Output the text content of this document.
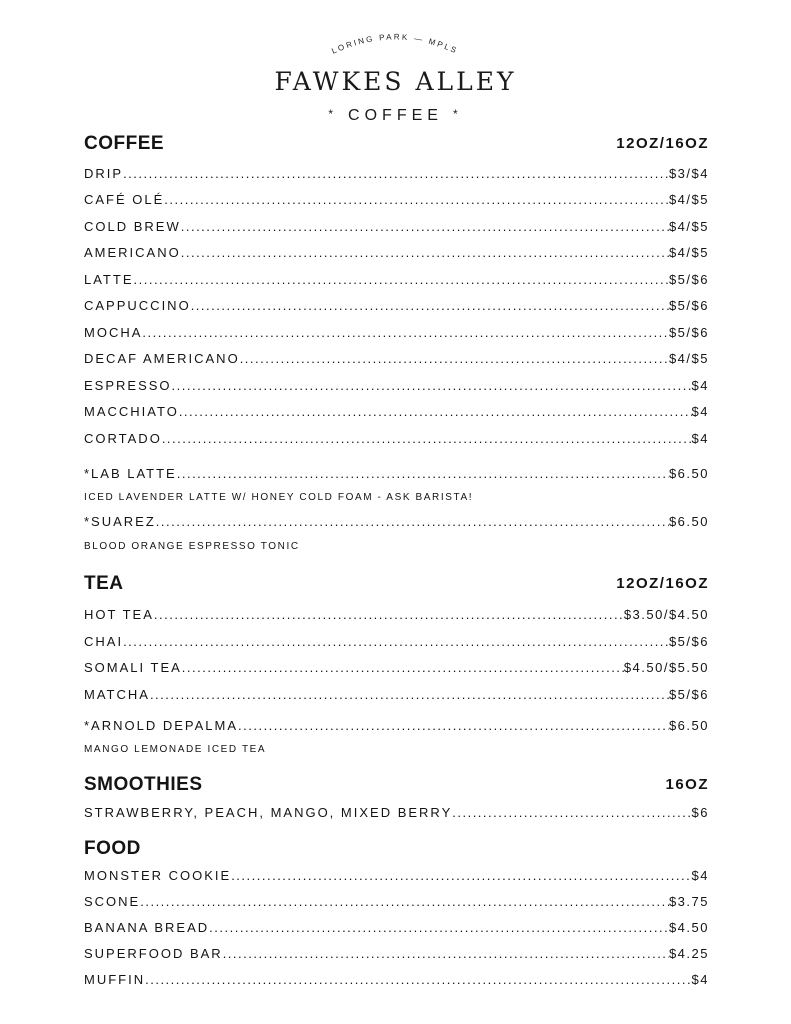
LORING PARK — MPLS
FAWKES ALLEY
* COFFEE *
COFFEE	12OZ/16OZ
DRIP .....	$3/$4
CAFÉ OLÉ .....	$4/$5
COLD BREW .....	$4/$5
AMERICANO .....	$4/$5
LATTE .....	$5/$6
CAPPUCCINO .....	$5/$6
MOCHA .....	$5/$6
DECAF AMERICANO .....	$4/$5
ESPRESSO .....	$4
MACCHIATO .....	$4
CORTADO .....	$4
*LAB LATTE .....	$6.50
ICED LAVENDER LATTE W/ HONEY COLD FOAM - ASK BARISTA!
*SUAREZ .....	$6.50
BLOOD ORANGE ESPRESSO TONIC
TEA	12OZ/16OZ
HOT TEA .....	$3.50/$4.50
CHAI .....	$5/$6
SOMALI TEA .....	$4.50/$5.50
MATCHA .....	$5/$6
*ARNOLD DEPALMA .....	$6.50
MANGO LEMONADE ICED TEA
SMOOTHIES	16OZ
STRAWBERRY, PEACH, MANGO, MIXED BERRY .....	$6
FOOD
MONSTER COOKIE .....	$4
SCONE .....	$3.75
BANANA BREAD .....	$4.50
SUPERFOOD BAR .....	$4.25
MUFFIN .....	$4
